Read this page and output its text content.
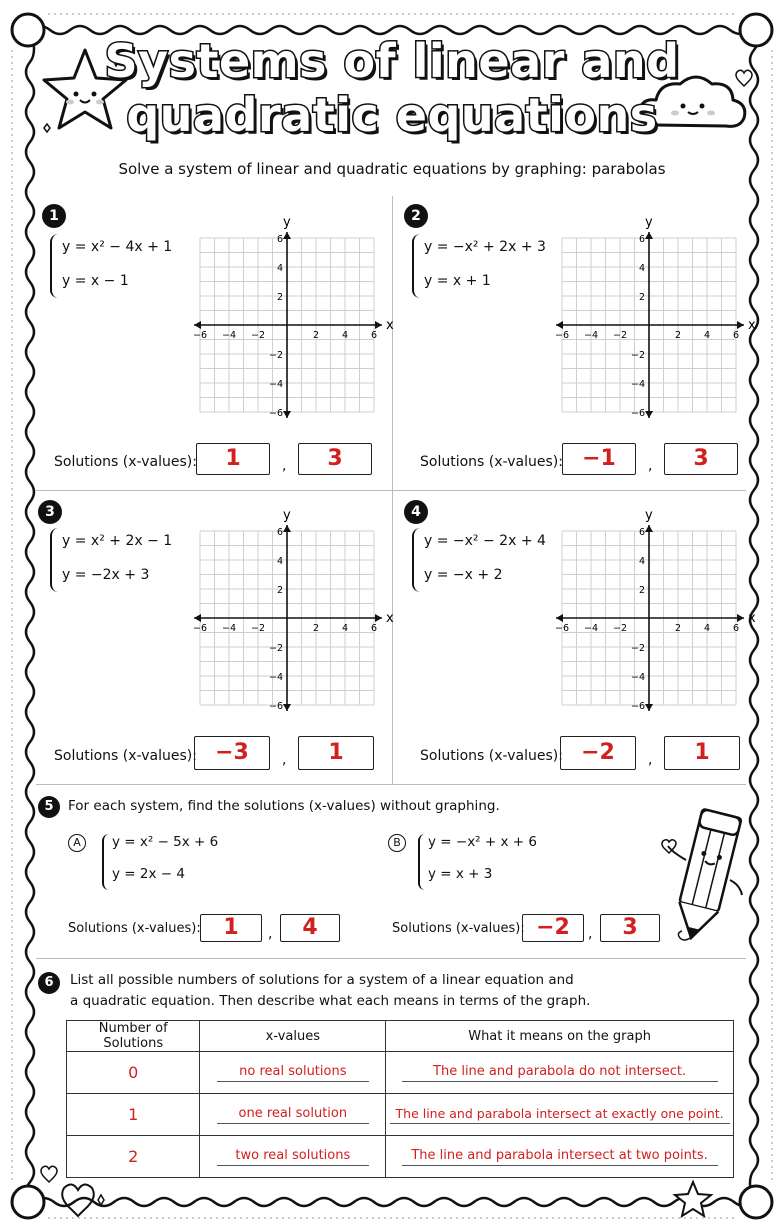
Systems of linear and
quadratic equations
Solve a system of linear and quadratic equations by graphing: parabolas
1
y = x² − 4x + 1
y = x − 1
x
y
−6 −4 −2	2 4 6
6
4
2
−2
−4
−6
Solutions (x-values):	1	,	3
2
y = −x² + 2x + 3
y = x + 1
x
y
−6 −4 −2	2 4 6
6
4
2
−2
−4
−6
Solutions (x-values): −1	,	3
3
y = x² + 2x − 1
y = −2x + 3
x
y
−6 −4 −2	2 4 6
6
4
2
−2
−4
−6
Solutions (x-values): −3	,	1
4
y = −x² − 2x + 4
y = −x + 2
x
y
−6 −4 −2	2 4 6
6
4
2
−2
−4
−6
Solutions (x-values): −2	,	1
5	For each system, find the solutions (x-values) without graphing.
A	y = x² − 5x + 6
y = 2x − 4
Solutions (x-values):	1	,	4
B	y = −x² + x + 6
y = x + 3
Solutions (x-values): −2	,	3
6	List all possible numbers of solutions for a system of a linear equation and
a quadratic equation. Then describe what each means in terms of the graph.
Number of Solutions	x-values	What it means on the graph
0	no real solutions	The line and parabola do not intersect.
1	one real solution	The line and parabola intersect at exactly one point.
2	two real solutions	The line and parabola intersect at two points.
